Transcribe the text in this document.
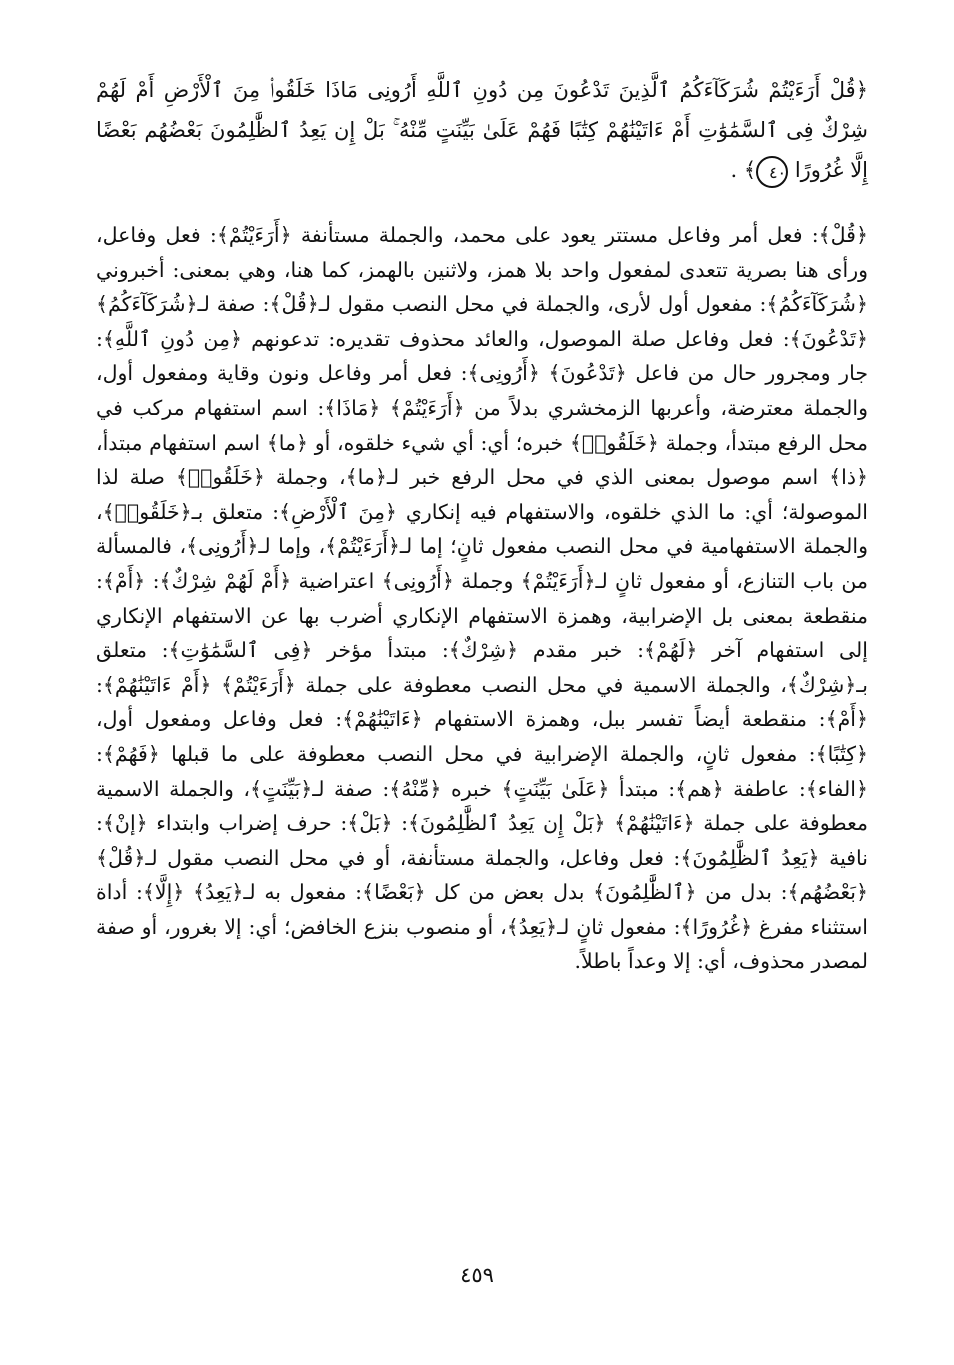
﴿قُلْ أَرَءَيْتُمْ شُرَكَآءَكُمُ ٱلَّذِينَ تَدْعُونَ مِن دُونِ ٱللَّهِ أَرُونِى مَاذَا خَلَقُوا۟ مِنَ ٱلْأَرْضِ أَمْ لَهُمْ شِرْكٌ فِى ٱلسَّمَٰوَٰتِ أَمْ ءَاتَيْنَٰهُمْ كِتَٰبًا فَهُمْ عَلَىٰ بَيِّنَتٍ مِّنْهُ ۚ بَلْ إِن يَعِدُ ٱلظَّٰلِمُونَ بَعْضُهُم بَعْضًا إِلَّا غُرُورًا ٤٠﴾ .
﴿قُلْ﴾: فعل أمر وفاعل مستتر يعود على محمد، والجملة مستأنفة ﴿أَرَءَيْتُمْ﴾: فعل وفاعل، ورأى هنا بصرية تتعدى لمفعول واحد بلا همز، ولاثنين بالهمز، كما هنا، وهي بمعنى: أخبروني ﴿شُرَكَآءَكُمُ﴾: مفعول أول لأرى، والجملة في محل النصب مقول لـ﴿قُلْ﴾: صفة لـ﴿شُرَكَآءَكُمُ﴾ ﴿تَدْعُونَ﴾: فعل وفاعل صلة الموصول، والعائد محذوف تقديره: تدعونهم ﴿مِن دُونِ ٱللَّهِ﴾: جار ومجرور حال من فاعل ﴿تَدْعُونَ﴾ ﴿أَرُونِى﴾: فعل أمر وفاعل ونون وقاية ومفعول أول، والجملة معترضة، وأعربها الزمخشري بدلاً من ﴿أَرَءَيْتُمْ﴾ ﴿مَاذَا﴾: اسم استفهام مركب في محل الرفع مبتدأ، وجملة ﴿خَلَقُوا۟﴾ خبره؛ أي: أي شيء خلقوه، أو ﴿ما﴾ اسم استفهام مبتدأ، ﴿ذا﴾ اسم موصول بمعنى الذي في محل الرفع خبر لـ﴿ما﴾، وجملة ﴿خَلَقُوا۟﴾ صلة لذا الموصولة؛ أي: ما الذي خلقوه، والاستفهام فيه إنكاري ﴿مِنَ ٱلْأَرْضِ﴾: متعلق بـ﴿خَلَقُوا۟﴾، والجملة الاستفهامية في محل النصب مفعول ثانٍ؛ إما لـ﴿أَرَءَيْتُمْ﴾، وإما لـ﴿أَرُونِى﴾، فالمسألة من باب التنازع، أو مفعول ثانٍ لـ﴿أَرَءَيْتُمْ﴾ وجملة ﴿أَرُونِى﴾ اعتراضية ﴿أَمْ لَهُمْ شِرْكٌ﴾: ﴿أَمْ﴾: منقطعة بمعنى بل الإضرابية، وهمزة الاستفهام الإنكاري أضرب بها عن الاستفهام الإنكاري إلى استفهام آخر ﴿لَهُمْ﴾: خبر مقدم ﴿شِرْكٌ﴾: مبتدأ مؤخر ﴿فِى ٱلسَّمَٰوَٰتِ﴾: متعلق بـ﴿شِرْكٌ﴾، والجملة الاسمية في محل النصب معطوفة على جملة ﴿أَرَءَيْتُمْ﴾ ﴿أَمْ ءَاتَيْنَٰهُمْ﴾: ﴿أَمْ﴾: منقطعة أيضاً تفسر ببل، وهمزة الاستفهام ﴿ءَاتَيْنَٰهُمْ﴾: فعل وفاعل ومفعول أول، ﴿كِتَٰبًا﴾: مفعول ثانٍ، والجملة الإضرابية في محل النصب معطوفة على ما قبلها ﴿فَهُمْ﴾: ﴿الفاء﴾: عاطفة ﴿هم﴾: مبتدأ ﴿عَلَىٰ بَيِّنَتٍ﴾ خبره ﴿مِّنْهُ﴾: صفة لـ﴿بَيِّنَتٍ﴾، والجملة الاسمية معطوفة على جملة ﴿ءَاتَيْنَٰهُمْ﴾ ﴿بَلْ إِن يَعِدُ ٱلظَّٰلِمُونَ﴾: ﴿بَلْ﴾: حرف إضراب وابتداء ﴿إنْ﴾: نافية ﴿يَعِدُ ٱلظَّٰلِمُونَ﴾: فعل وفاعل، والجملة مستأنفة، أو في محل النصب مقول لـ﴿قُلْ﴾ ﴿بَعْضُهُم﴾: بدل من ﴿ٱلظَّٰلِمُونَ﴾ بدل بعض من كل ﴿بَعْضًا﴾: مفعول به لـ﴿يَعِدُ﴾ ﴿إِلَّا﴾: أداة استثناء مفرغ ﴿غُرُورًا﴾: مفعول ثانٍ لـ﴿يَعِدُ﴾، أو منصوب بنزع الخافض؛ أي: إلا بغرور، أو صفة لمصدر محذوف، أي: إلا وعداً باطلاً.
٤٥٩
